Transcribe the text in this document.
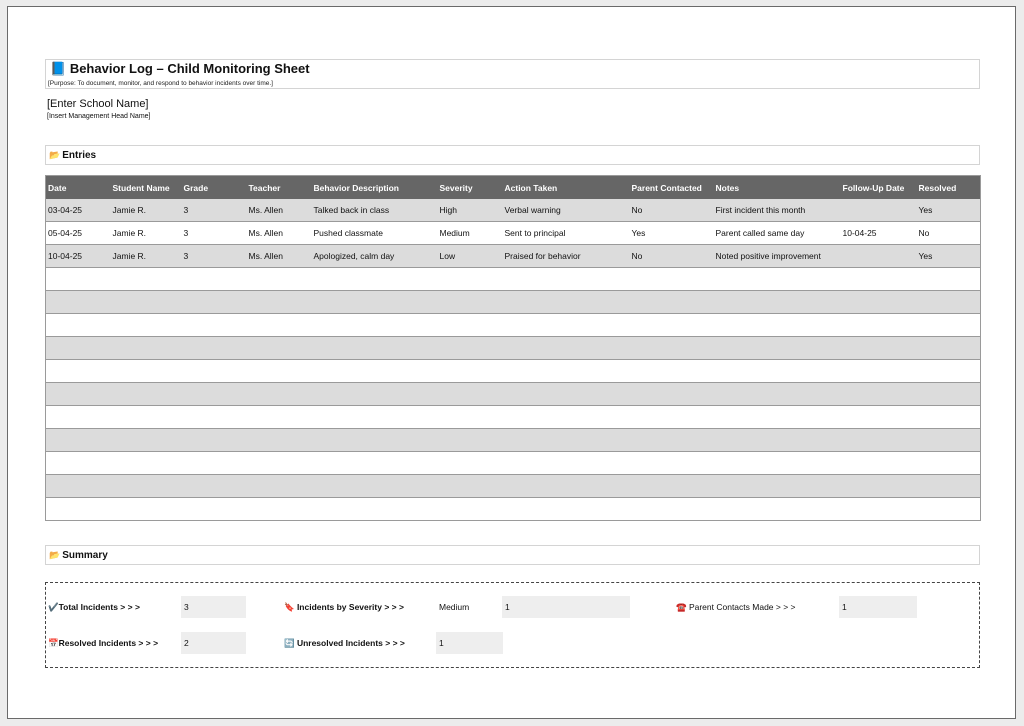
📘 Behavior Log – Child Monitoring Sheet
[Purpose: To document, monitor, and respond to behavior incidents over time.]
[Enter School Name]
[Insert Management Head Name]
📂 Entries
Date	Student Name	Grade	Teacher	Behavior Description	Severity	Action Taken	Parent Contacted	Notes	Follow-Up Date	Resolved
03-04-25	Jamie R.	3	Ms. Allen	Talked back in class	High	Verbal warning	No	First incident this month		Yes
05-04-25	Jamie R.	3	Ms. Allen	Pushed classmate	Medium	Sent to principal	Yes	Parent called same day	10-04-25	No
10-04-25	Jamie R.	3	Ms. Allen	Apologized, calm day	Low	Praised for behavior	No	Noted positive improvement		Yes

📂 Summary
✔️Total Incidents > > >	3
📅Resolved Incidents > > >	2
🔖 Incidents by Severity > > >	Medium	1
🔄 Unresolved Incidents > > >	1
☎️ Parent Contacts Made > > >	1
